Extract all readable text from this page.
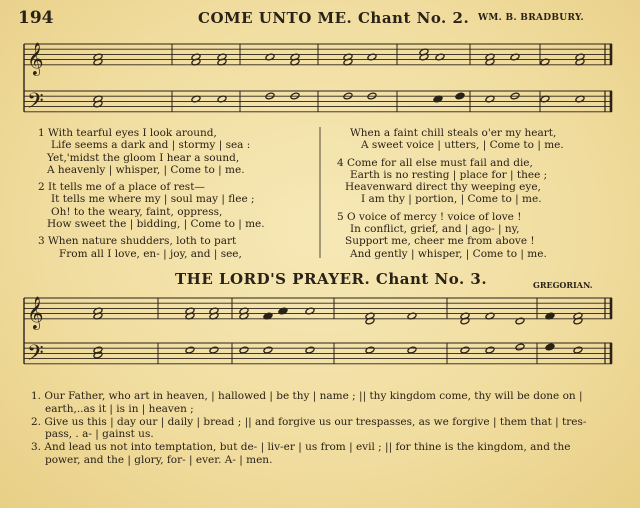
𝄞
𝄢
𝄞
𝄢
194	COME UNTO ME. Chant No. 2. WM. B. BRADBURY.
1 With tearful eyes I look around,
Life seems a dark and | stormy | sea :
Yet,'midst the gloom I hear a sound,
A heavenly | whisper, | Come to | me.
2 It tells me of a place of rest—
It tells me where my | soul may | flee ;
Oh! to the weary, faint, oppress,
How sweet the | bidding, | Come to | me.
3 When nature shudders, loth to part
From all I love, en- | joy, and | see,
When a faint chill steals o'er my heart,
A sweet voice | utters, | Come to | me.
4 Come for all else must fail and die,
Earth is no resting | place for | thee ;
Heavenward direct thy weeping eye,
I am thy | portion, | Come to | me.
5 O voice of mercy ! voice of love !
In conflict, grief, and | ago- | ny,
Support me, cheer me from above !
And gently | whisper, | Come to | me.
THE LORD'S PRAYER. Chant No. 3.	GREGORIAN.
1. Our Father, who art in heaven, | hallowed | be thy | name ; || thy kingdom come, thy will be done on |
earth,..as it | is in | heaven ;
2. Give us this | day our | daily | bread ; || and forgive us our trespasses, as we forgive | them that | tres-
pass, . a- | gainst us.
3. And lead us not into temptation, but de- | liv-er | us from | evil ; || for thine is the kingdom, and the
power, and the | glory, for- | ever. A- | men.
